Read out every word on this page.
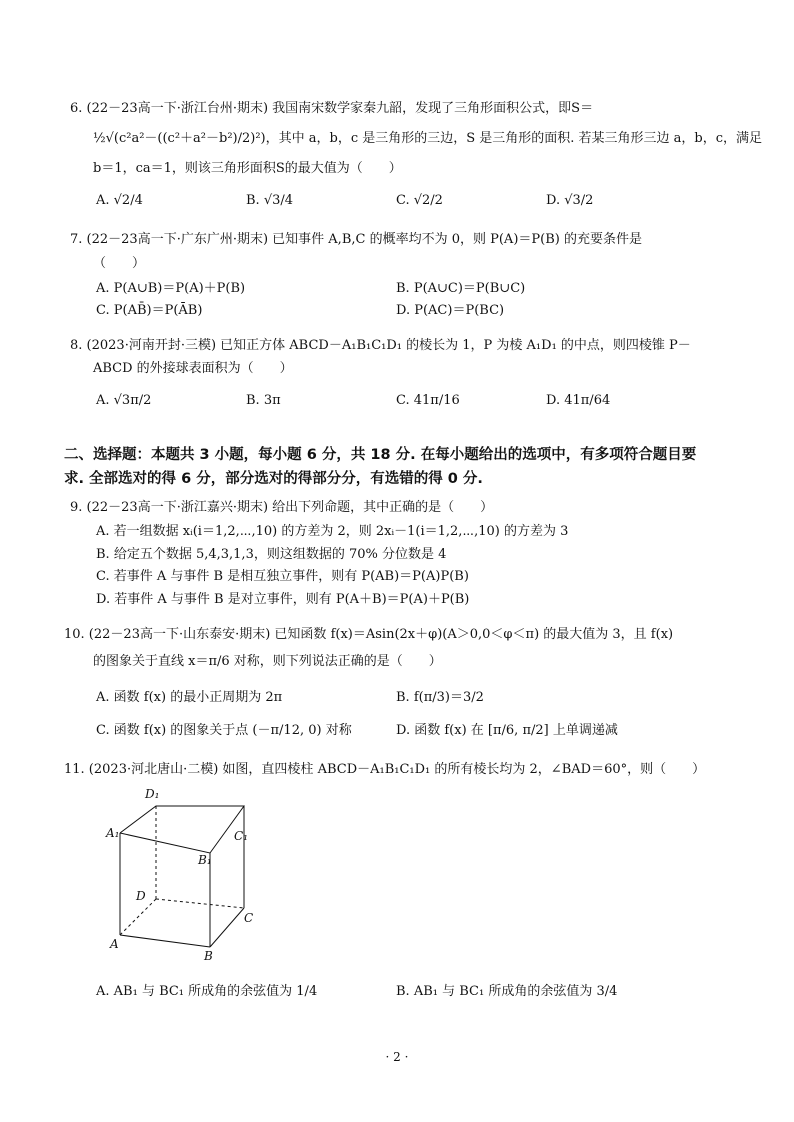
6. (22－23高一下·浙江台州·期末) 我国南宋数学家秦九韶，发现了三角形面积公式，即S＝
½√(c²a²－((c²＋a²－b²)/2)²)，其中 a，b，c 是三角形的三边，S 是三角形的面积. 若某三角形三边 a，b，c，满足
b＝1，ca＝1，则该三角形面积S的最大值为（　　）
A. √2/4	B. √3/4	C. √2/2	D. √3/2
7. (22－23高一下·广东广州·期末) 已知事件 A,B,C 的概率均不为 0，则 P(A)＝P(B) 的充要条件是
（　　）
A. P(A∪B)＝P(A)＋P(B)	B. P(A∪C)＝P(B∪C)
C. P(AB̄)＝P(ĀB)	D. P(AC)＝P(BC)
8. (2023·河南开封·三模) 已知正方体 ABCD－A₁B₁C₁D₁ 的棱长为 1，P 为棱 A₁D₁ 的中点，则四棱锥 P－
ABCD 的外接球表面积为（　　）
A. √3π/2	B. 3π	C. 41π/16	D. 41π/64
二、选择题：本题共 3 小题，每小题 6 分，共 18 分. 在每小题给出的选项中，有多项符合题目要
求. 全部选对的得 6 分，部分选对的得部分分，有选错的得 0 分.
9. (22－23高一下·浙江嘉兴·期末) 给出下列命题，其中正确的是（　　）
A. 若一组数据 xᵢ(i＝1,2,⋯,10) 的方差为 2，则 2xᵢ－1(i＝1,2,⋯,10) 的方差为 3
B. 给定五个数据 5,4,3,1,3，则这组数据的 70% 分位数是 4
C. 若事件 A 与事件 B 是相互独立事件，则有 P(AB)＝P(A)P(B)
D. 若事件 A 与事件 B 是对立事件，则有 P(A＋B)＝P(A)＋P(B)
10. (22－23高一下·山东泰安·期末) 已知函数 f(x)＝Asin(2x＋φ)(A＞0,0＜φ＜π) 的最大值为 3，且 f(x)
的图象关于直线 x＝π/6 对称，则下列说法正确的是（　　）
A. 函数 f(x) 的最小正周期为 2π	B. f(π/3)＝3/2
C. 函数 f(x) 的图象关于点 (－π/12, 0) 对称	D. 函数 f(x) 在 [π/6, π/2] 上单调递减
11. (2023·河北唐山·二模) 如图，直四棱柱 ABCD－A₁B₁C₁D₁ 的所有棱长均为 2，∠BAD＝60°，则（　　）
D₁
C₁
A₁
B₁
D
C
A
B
A. AB₁ 与 BC₁ 所成角的余弦值为 1/4	B. AB₁ 与 BC₁ 所成角的余弦值为 3/4
· 2 ·
